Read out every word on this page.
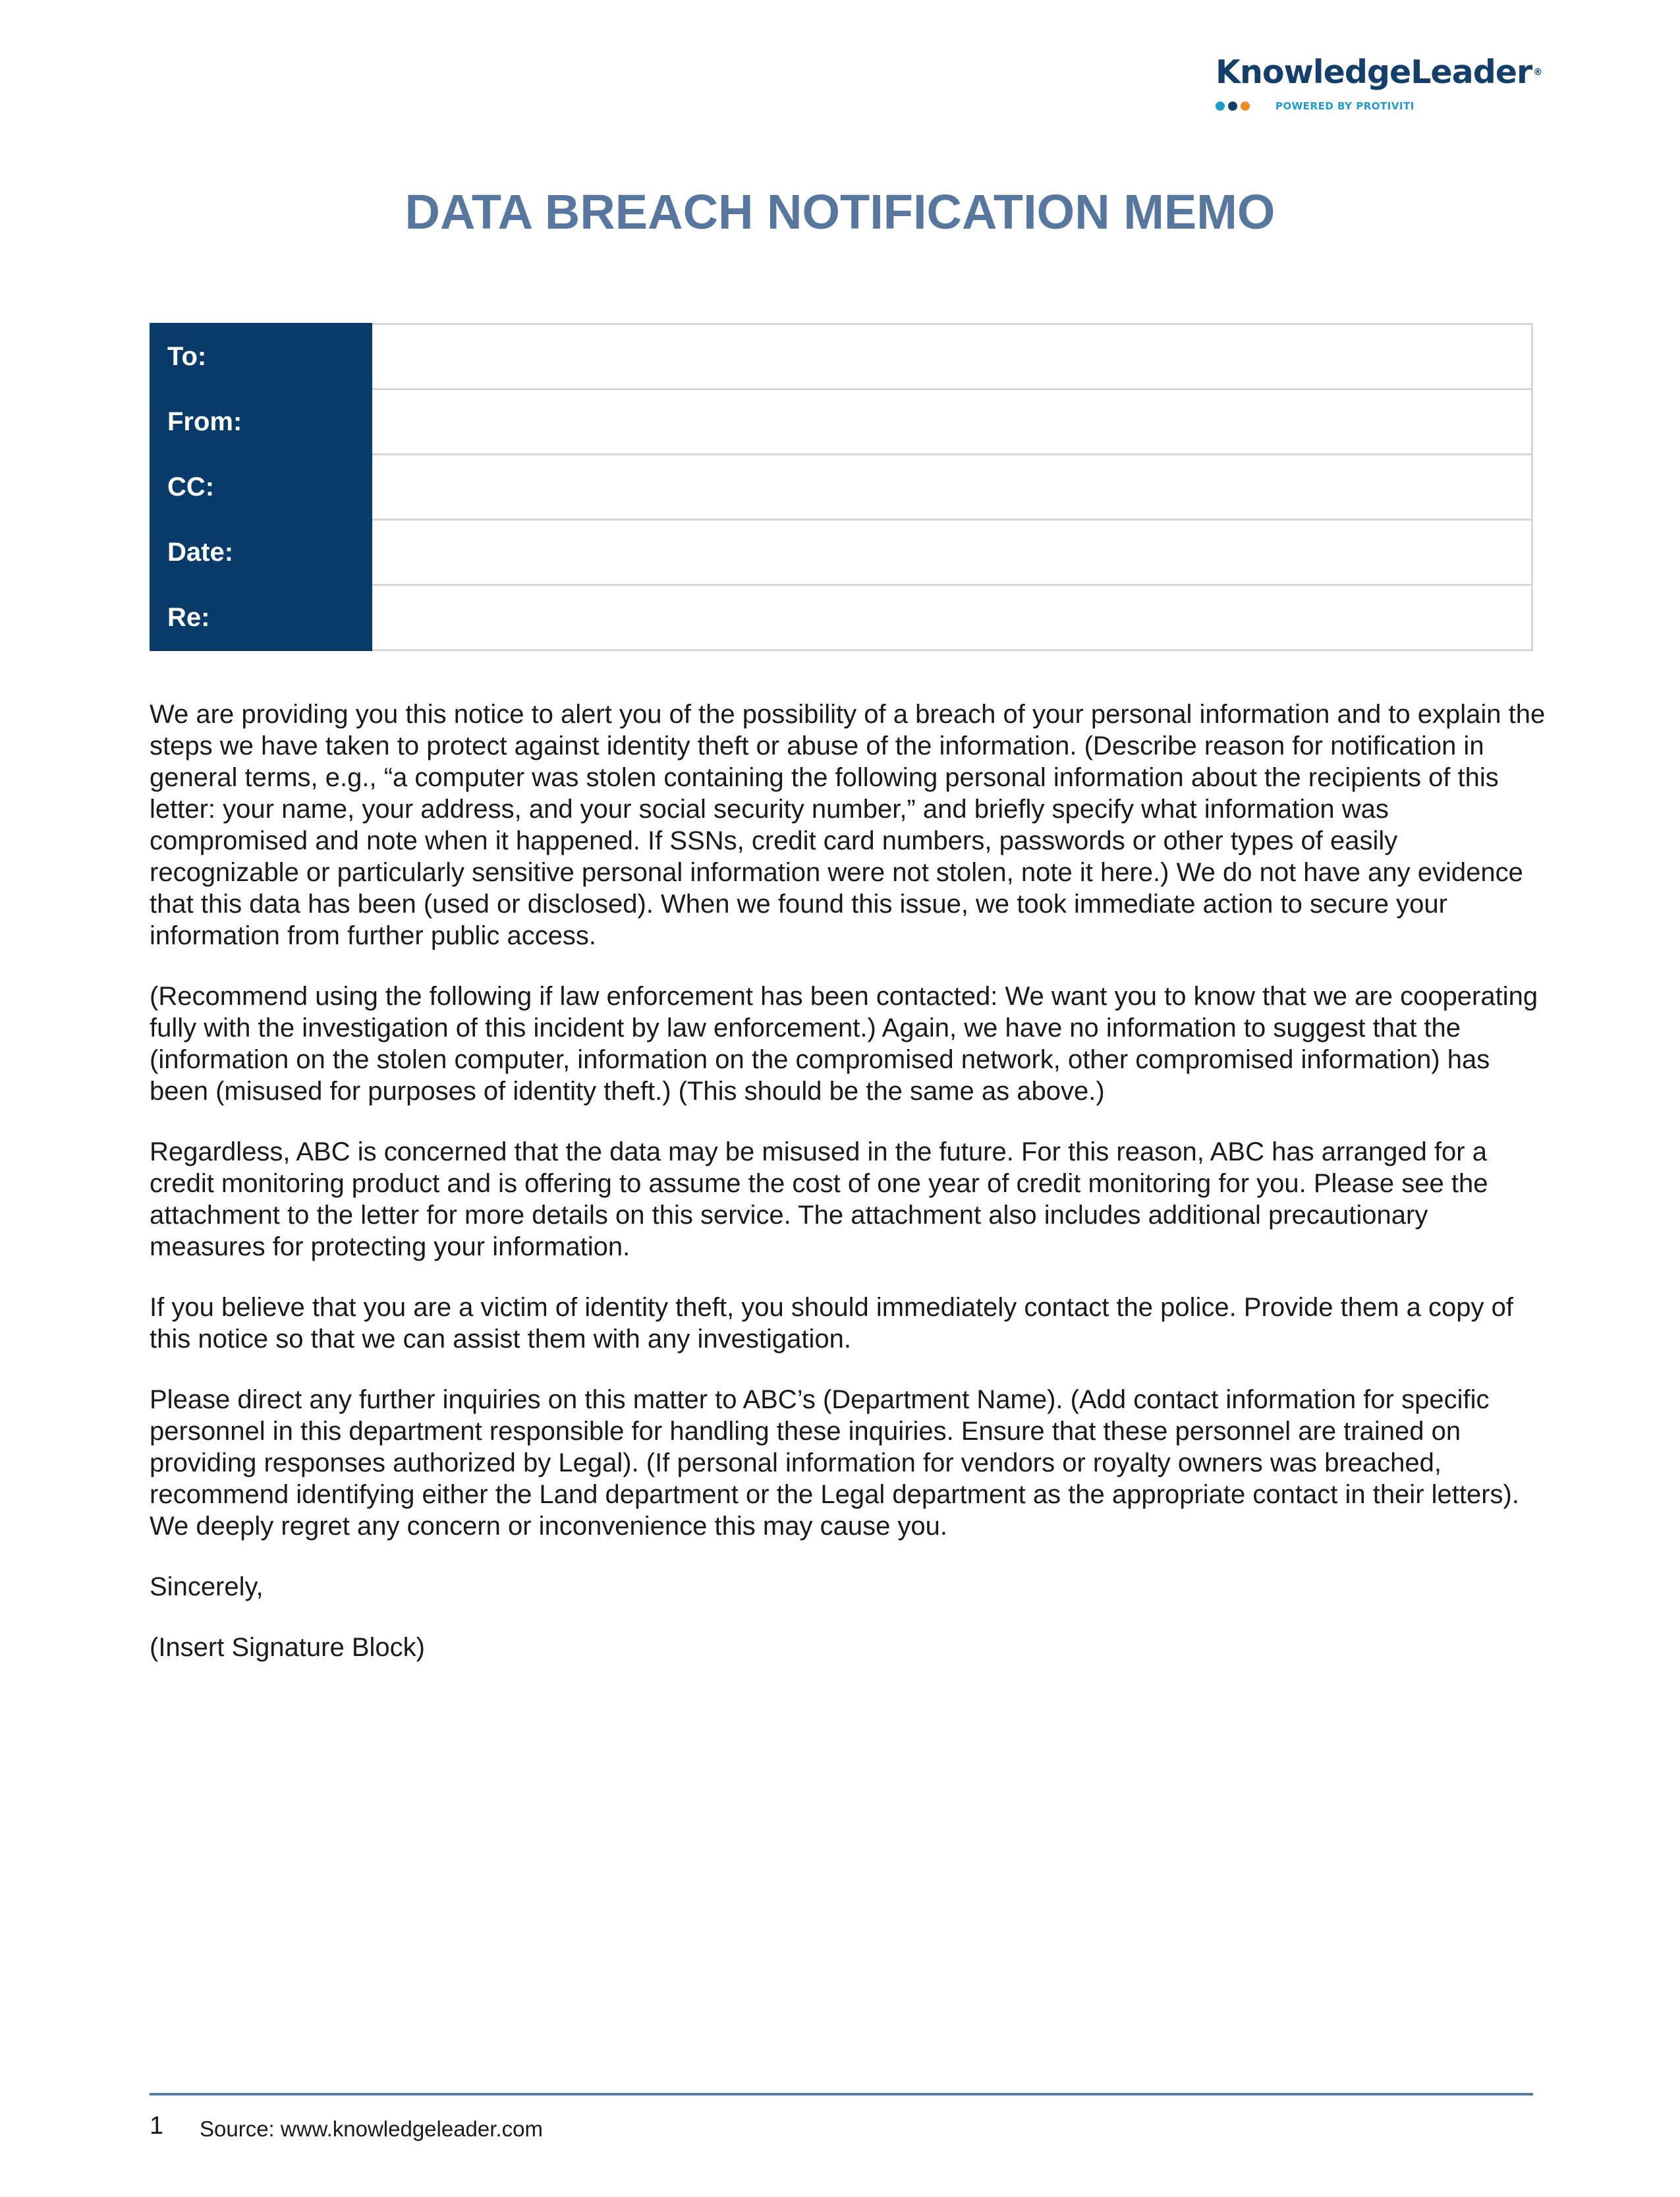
KnowledgeLeader ®
POWERED BY PROTIVITI
DATA BREACH NOTIFICATION MEMO
To:	
From:	
CC:	
Date:	
Re:	

We are providing you this notice to alert you of the possibility of a breach of your personal information and to explain the steps we have taken to protect against identity theft or abuse of the information. (Describe reason for notification in general terms, e.g., “a computer was stolen containing the following personal information about the recipients of this letter: your name, your address, and your social security number,” and briefly specify what information was compromised and note when it happened. If SSNs, credit card numbers, passwords or other types of easily recognizable or particularly sensitive personal information were not stolen, note it here.) We do not have any evidence that this data has been (used or disclosed). When we found this issue, we took immediate action to secure your information from further public access.

(Recommend using the following if law enforcement has been contacted: We want you to know that we are cooperating fully with the investigation of this incident by law enforcement.) Again, we have no information to suggest that the (information on the stolen computer, information on the compromised network, other compromised information) has been (misused for purposes of identity theft.) (This should be the same as above.)

Regardless, ABC is concerned that the data may be misused in the future. For this reason, ABC has arranged for a credit monitoring product and is offering to assume the cost of one year of credit monitoring for you. Please see the attachment to the letter for more details on this service. The attachment also includes additional precautionary measures for protecting your information.

If you believe that you are a victim of identity theft, you should immediately contact the police. Provide them a copy of this notice so that we can assist them with any investigation.

Please direct any further inquiries on this matter to ABC’s (Department Name). (Add contact information for specific personnel in this department responsible for handling these inquiries. Ensure that these personnel are trained on providing responses authorized by Legal). (If personal information for vendors or royalty owners was breached, recommend identifying either the Land department or the Legal department as the appropriate contact in their letters). We deeply regret any concern or inconvenience this may cause you.

Sincerely,

(Insert Signature Block)

1 Source: www.knowledgeleader.com
